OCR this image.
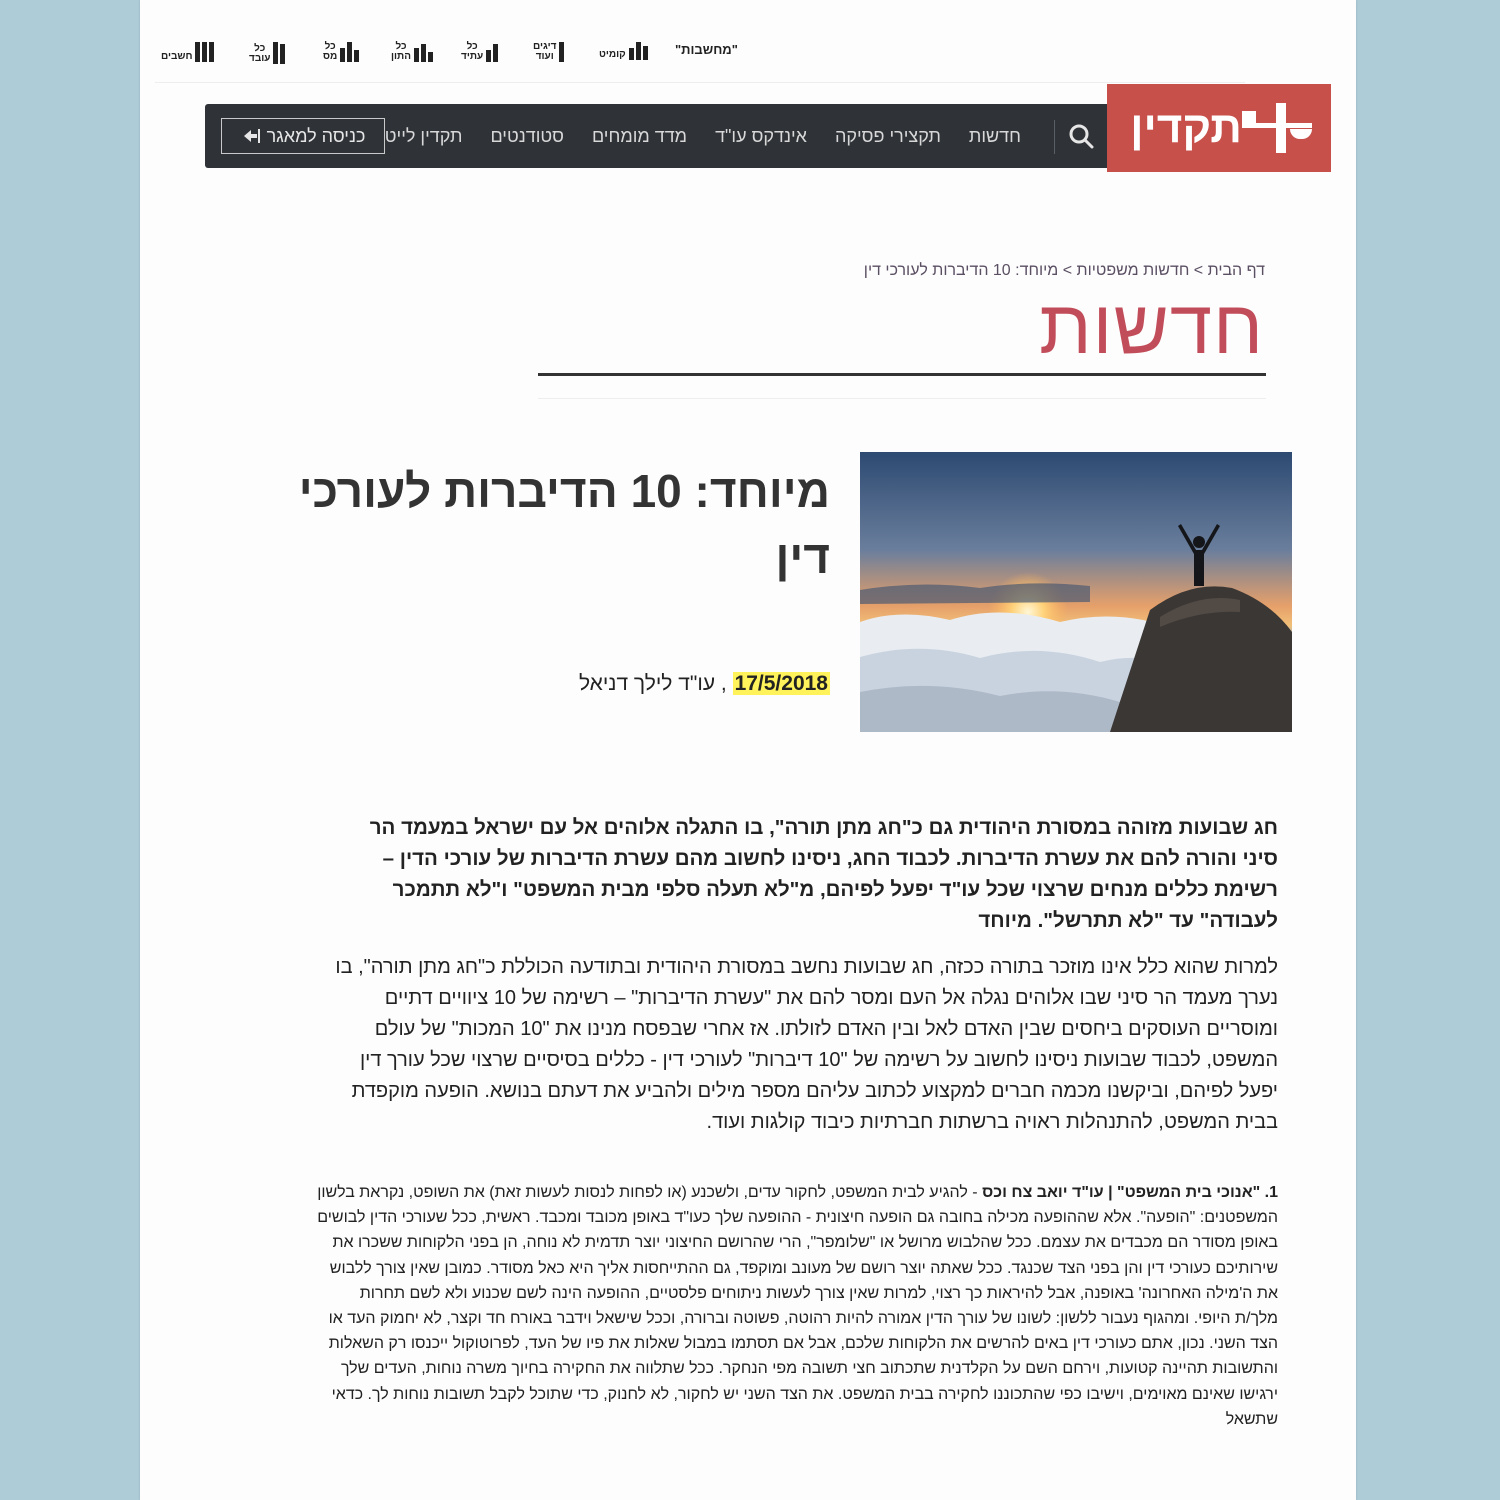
"מחשבות"
קומיט
דיגים
ועוד
כל
עתיד
כל
התון
כל
מס
כל
עובד
חשבים
תקדין
חדשות
תקצירי פסיקה
אינדקס עו"ד
מדד מומחים
סטודנטים
תקדין לייט
כניסה למאגר
דף הבית > חדשות משפטיות > מיוחד: 10 הדיברות לעורכי דין
חדשות
מיוחד: 10 הדיברות לעורכי דין
17/5/2018 , עו"ד לילך דניאל

חג שבועות מזוהה במסורת היהודית גם כ"חג מתן תורה", בו התגלה אלוהים אל עם ישראל במעמד הר סיני והורה להם את עשרת הדיברות. לכבוד החג, ניסינו לחשוב מהם עשרת הדיברות של עורכי הדין – רשימת כללים מנחים שרצוי שכל עו"ד יפעל לפיהם, מ"לא תעלה סלפי מבית המשפט" ו"לא תתמכר לעבודה" עד "לא תתרשל". מיוחד

למרות שהוא כלל אינו מוזכר בתורה ככזה, חג שבועות נחשב במסורת היהודית ובתודעה הכוללת כ"חג מתן תורה", בו נערך מעמד הר סיני שבו אלוהים נגלה אל העם ומסר להם את "עשרת הדיברות" – רשימה של 10 ציוויים דתיים ומוסריים העוסקים ביחסים שבין האדם לאל ובין האדם לזולתו. אז אחרי שבפסח מנינו את "10 המכות" של עולם המשפט, לכבוד שבועות ניסינו לחשוב על רשימה של "10 דיברות" לעורכי דין - כללים בסיסיים שרצוי שכל עורך דין יפעל לפיהם, וביקשנו מכמה חברים למקצוע לכתוב עליהם מספר מילים ולהביע את דעתם בנושא. הופעה מוקפדת בבית המשפט, להתנהלות ראויה ברשתות חברתיות כיבוד קולגות ועוד.

1. "אנוכי בית המשפט" | עו"ד יואב צח וכס - להגיע לבית המשפט, לחקור עדים, ולשכנע (או לפחות לנסות לעשות זאת) את השופט, נקראת בלשון המשפטנים: "הופעה". אלא שההופעה מכילה בחובה גם הופעה חיצונית - ההופעה שלך כעו"ד באופן מכובד ומכבד. ראשית, ככל שעורכי הדין לבושים באופן מסודר הם מכבדים את עצמם. ככל שהלבוש מרושל או "שלומפר", הרי שהרושם החיצוני יוצר תדמית לא נוחה, הן בפני הלקוחות ששכרו את שירותיכם כעורכי דין והן בפני הצד שכנגד. ככל שאתה יוצר רושם של מעונב ומוקפד, גם ההתייחסות אליך היא כאל מסודר. כמובן שאין צורך ללבוש את ה'מילה האחרונה' באופנה, אבל להיראות כך רצוי, למרות שאין צורך לעשות ניתוחים פלסטיים, ההופעה הינה לשם שכנוע ולא לשם תחרות מלך/ת היופי. ומהגוף נעבור ללשון: לשונו של עורך הדין אמורה להיות רהוטה, פשוטה וברורה, וככל שישאל וידבר באורח חד וקצר, לא יחמוק העד או הצד השני. נכון, אתם כעורכי דין באים להרשים את הלקוחות שלכם, אבל אם תסתמו במבול שאלות את פיו של העד, לפרוטוקול ייכנסו רק השאלות והתשובות תהיינה קטועות, וירחם השם על הקלדנית שתכתוב חצי תשובה מפי הנחקר. ככל שתלווה את החקירה בחיוך משרה נוחות, העדים שלך ירגישו שאינם מאוימים, וישיבו כפי שהתכוננו לחקירה בבית המשפט. את הצד השני יש לחקור, לא לחנוק, כדי שתוכל לקבל תשובות נוחות לך. כדאי שתשאל
